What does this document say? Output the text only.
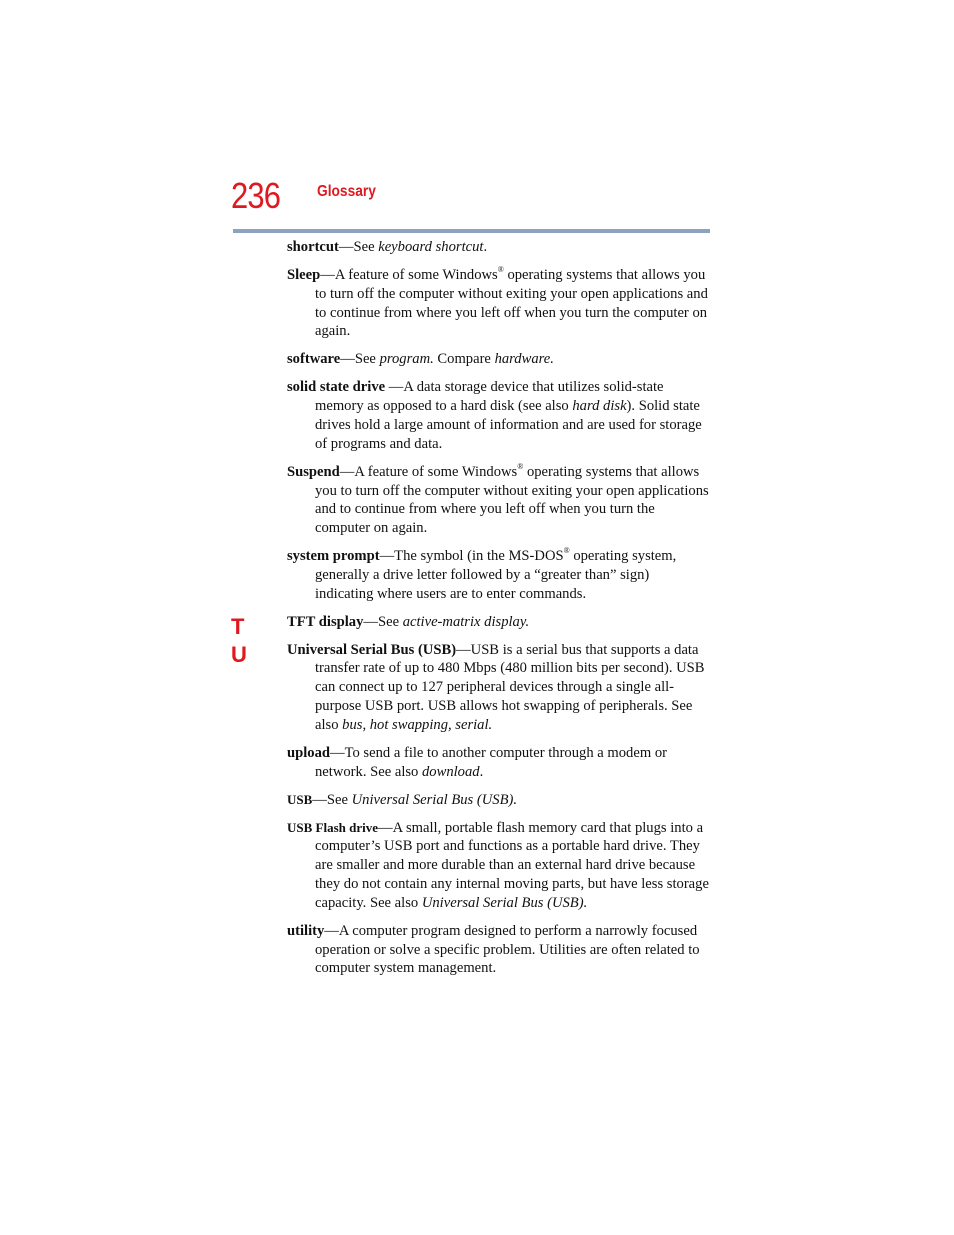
236 Glossary
T
U
shortcut—See keyboard shortcut.
Sleep—A feature of some Windows® operating systems that allows you to turn off the computer without exiting your open applications and to continue from where you left off when you turn the computer on again.
software—See program. Compare hardware.
solid state drive —A data storage device that utilizes solid-state memory as opposed to a hard disk (see also hard disk). Solid state drives hold a large amount of information and are used for storage of programs and data.
Suspend—A feature of some Windows® operating systems that allows you to turn off the computer without exiting your open applications and to continue from where you left off when you turn the computer on again.
system prompt—The symbol (in the MS-DOS® operating system, generally a drive letter followed by a “greater than” sign) indicating where users are to enter commands.
TFT display—See active-matrix display.
Universal Serial Bus (USB)—USB is a serial bus that supports a data transfer rate of up to 480 Mbps (480 million bits per second). USB can connect up to 127 peripheral devices through a single all-purpose USB port. USB allows hot swapping of peripherals. See also bus, hot swapping, serial.
upload—To send a file to another computer through a modem or network. See also download.
USB—See Universal Serial Bus (USB).
USB Flash drive—A small, portable flash memory card that plugs into a computer’s USB port and functions as a portable hard drive. They are smaller and more durable than an external hard drive because they do not contain any internal moving parts, but have less storage capacity. See also Universal Serial Bus (USB).
utility—A computer program designed to perform a narrowly focused operation or solve a specific problem. Utilities are often related to computer system management.
